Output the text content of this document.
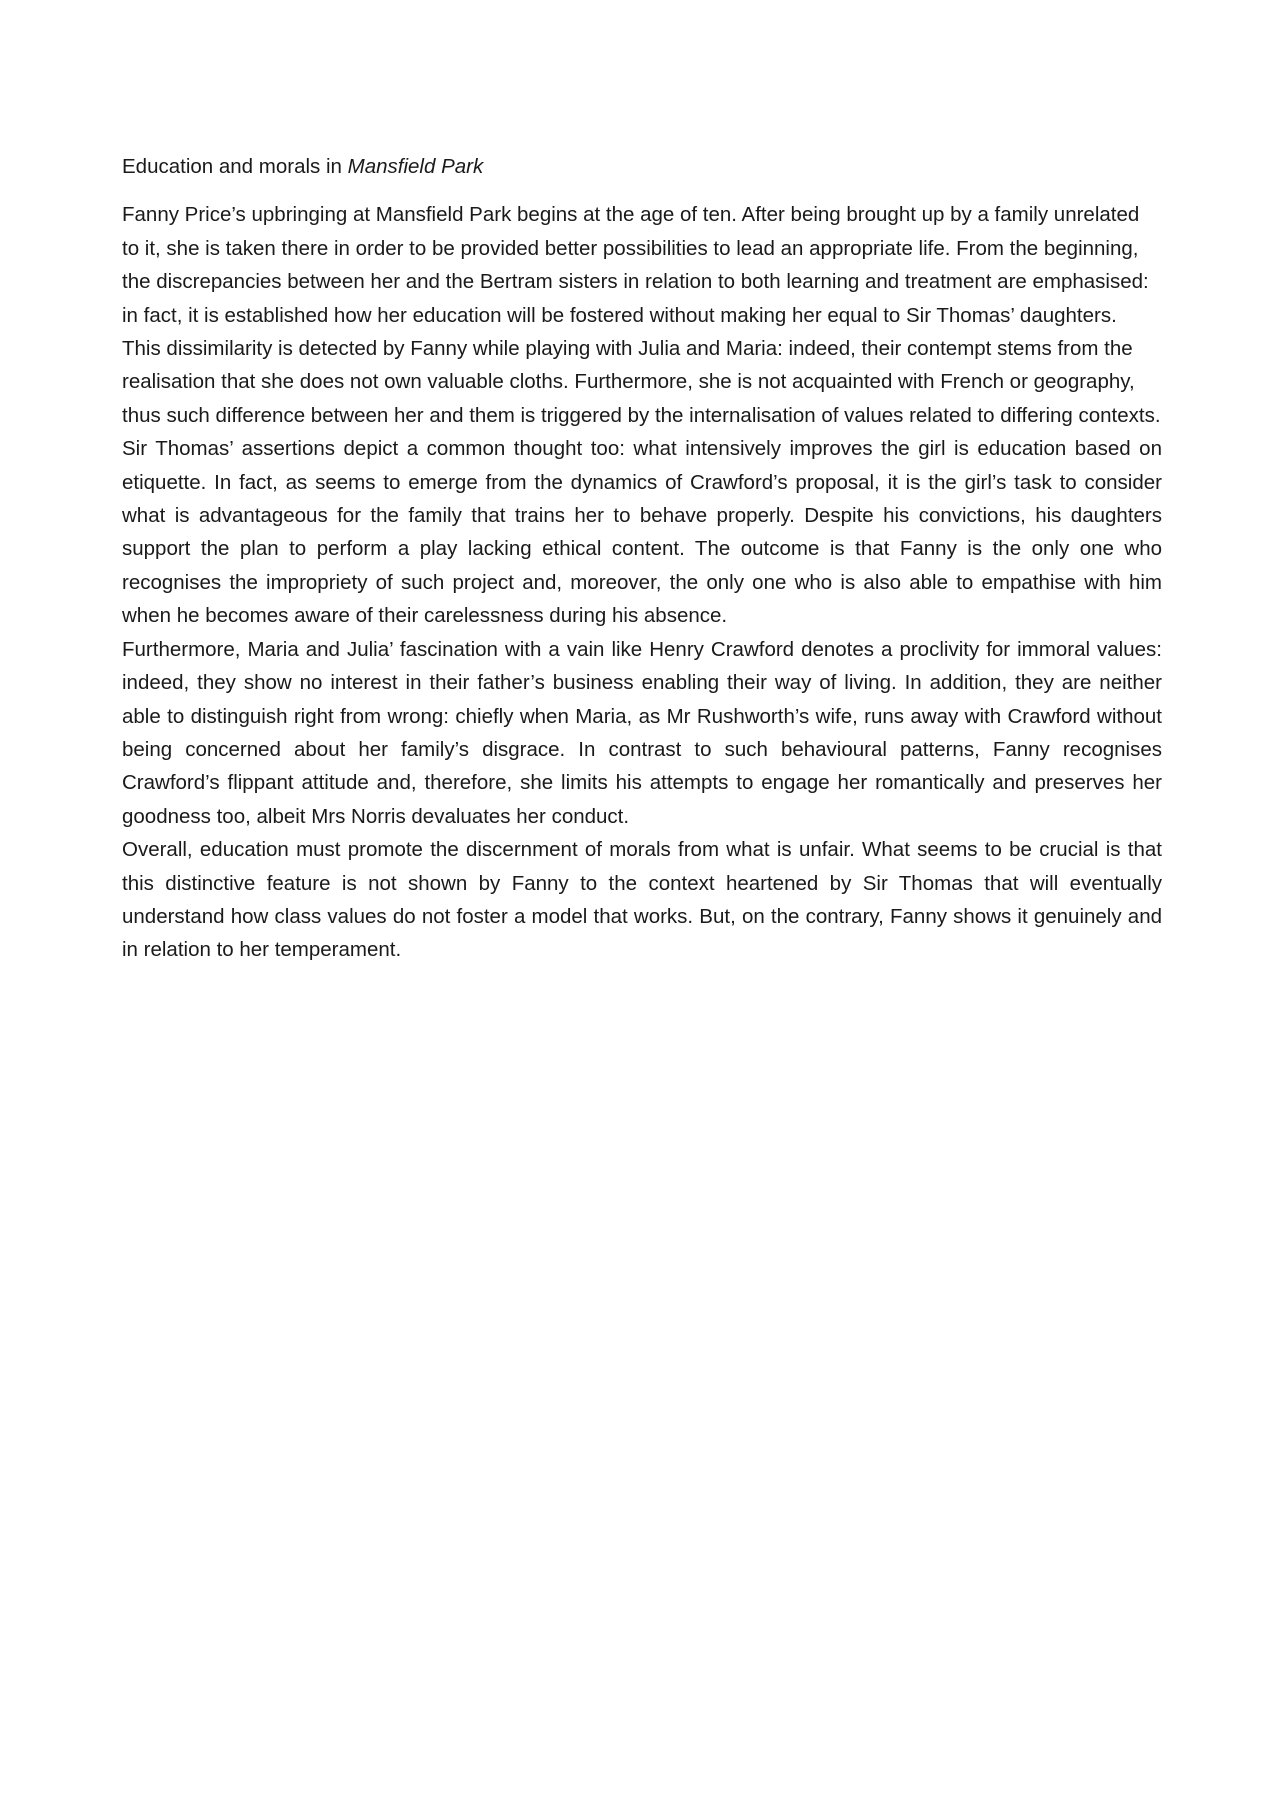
Education and morals in Mansfield Park

Fanny Price’s upbringing at Mansfield Park begins at the age of ten. After being brought up by a family unrelated to it, she is taken there in order to be provided better possibilities to lead an appropriate life. From the beginning, the discrepancies between her and the Bertram sisters in relation to both learning and treatment are emphasised: in fact, it is established how her education will be fostered without making her equal to Sir Thomas’ daughters.

This dissimilarity is detected by Fanny while playing with Julia and Maria: indeed, their contempt stems from the realisation that she does not own valuable cloths. Furthermore, she is not acquainted with French or geography, thus such difference between her and them is triggered by the internalisation of values related to differing contexts.

Sir Thomas’ assertions depict a common thought too: what intensively improves the girl is education based on etiquette. In fact, as seems to emerge from the dynamics of Crawford’s proposal, it is the girl’s task to consider what is advantageous for the family that trains her to behave properly. Despite his convictions, his daughters support the plan to perform a play lacking ethical content. The outcome is that Fanny is the only one who recognises the impropriety of such project and, moreover, the only one who is also able to empathise with him when he becomes aware of their carelessness during his absence.

Furthermore, Maria and Julia’ fascination with a vain like Henry Crawford denotes a proclivity for immoral values: indeed, they show no interest in their father’s business enabling their way of living. In addition, they are neither able to distinguish right from wrong: chiefly when Maria, as Mr Rushworth’s wife, runs away with Crawford without being concerned about her family’s disgrace. In contrast to such behavioural patterns, Fanny recognises Crawford’s flippant attitude and, therefore, she limits his attempts to engage her romantically and preserves her goodness too, albeit Mrs Norris devaluates her conduct.

Overall, education must promote the discernment of morals from what is unfair. What seems to be crucial is that this distinctive feature is not shown by Fanny to the context heartened by Sir Thomas that will eventually understand how class values do not foster a model that works. But, on the contrary, Fanny shows it genuinely and in relation to her temperament.
